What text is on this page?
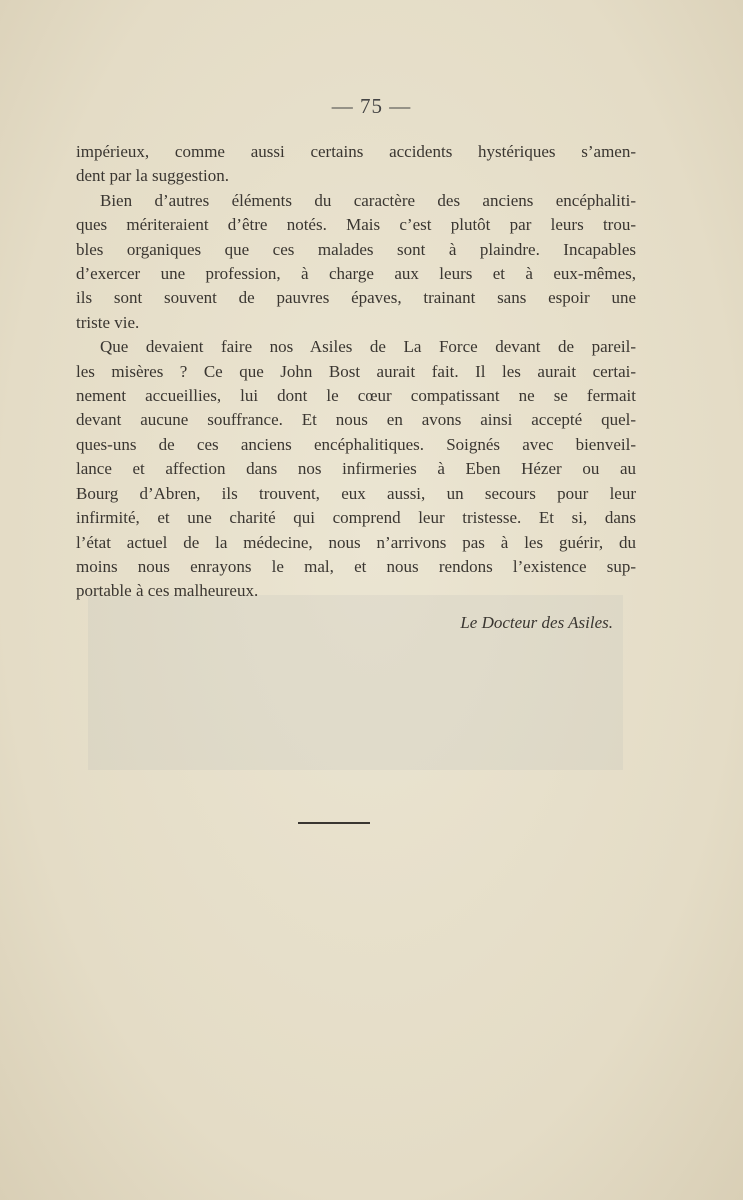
— 75 —
impérieux, comme aussi certains accidents hystériques s’amen-
dent par la suggestion.
Bien d’autres éléments du caractère des anciens encéphaliti-
ques mériteraient d’être notés. Mais c’est plutôt par leurs trou-
bles organiques que ces malades sont à plaindre. Incapables
d’exercer une profession, à charge aux leurs et à eux-mêmes,
ils sont souvent de pauvres épaves, trainant sans espoir une
triste vie.
Que devaient faire nos Asiles de La Force devant de pareil-
les misères ? Ce que John Bost aurait fait. Il les aurait certai-
nement accueillies, lui dont le cœur compatissant ne se fermait
devant aucune souffrance. Et nous en avons ainsi accepté quel-
ques-uns de ces anciens encéphalitiques. Soignés avec bienveil-
lance et affection dans nos infirmeries à Eben Hézer ou au
Bourg d’Abren, ils trouvent, eux aussi, un secours pour leur
infirmité, et une charité qui comprend leur tristesse. Et si, dans
l’état actuel de la médecine, nous n’arrivons pas à les guérir, du
moins nous enrayons le mal, et nous rendons l’existence sup-
portable à ces malheureux.
Le Docteur des Asiles.
